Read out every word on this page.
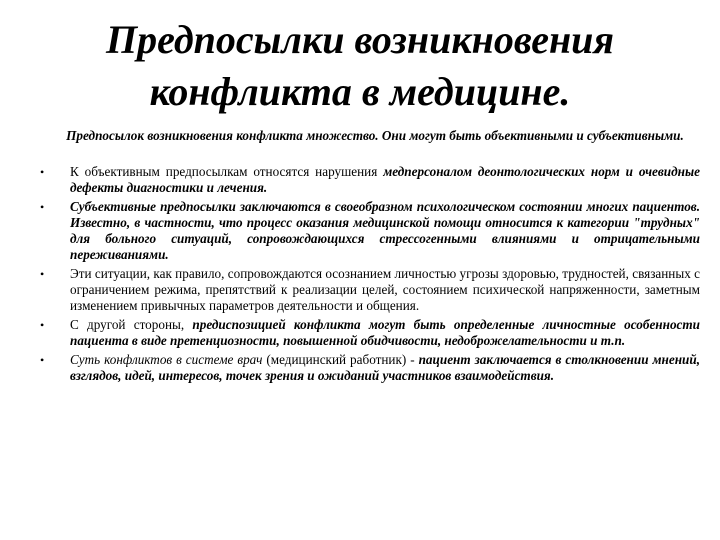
Предпосылки возникновения
конфликта в медицине.
Предпосылок возникновения конфликта множество. Они могут быть объективными и субъективными.
• К объективным предпосылкам относятся нарушения медперсоналом деонтологических норм и очевидные дефекты диагностики и лечения.
• Субъективные предпосылки заключаются в своеобразном психологическом состоянии многих пациентов. Известно, в частности, что процесс оказания медицинской помощи относится к категории "трудных" для больного ситуаций, сопровождающихся стрессогенными влияниями и отрицательными переживаниями.
• Эти ситуации, как правило, сопровождаются осознанием личностью угрозы здоровью, трудностей, связанных с ограничением режима, препятствий к реализации целей, состоянием психической напряженности, заметным изменением привычных параметров деятельности и общения.
• С другой стороны, предиспозицией конфликта могут быть определенные личностные особенности пациента в виде претенциозности, повышенной обидчивости, недоброжелательности и т.п.
• Суть конфликтов в системе врач (медицинский работник) - пациент заключается в столкновении мнений, взглядов, идей, интересов, точек зрения и ожиданий участников взаимодействия.
